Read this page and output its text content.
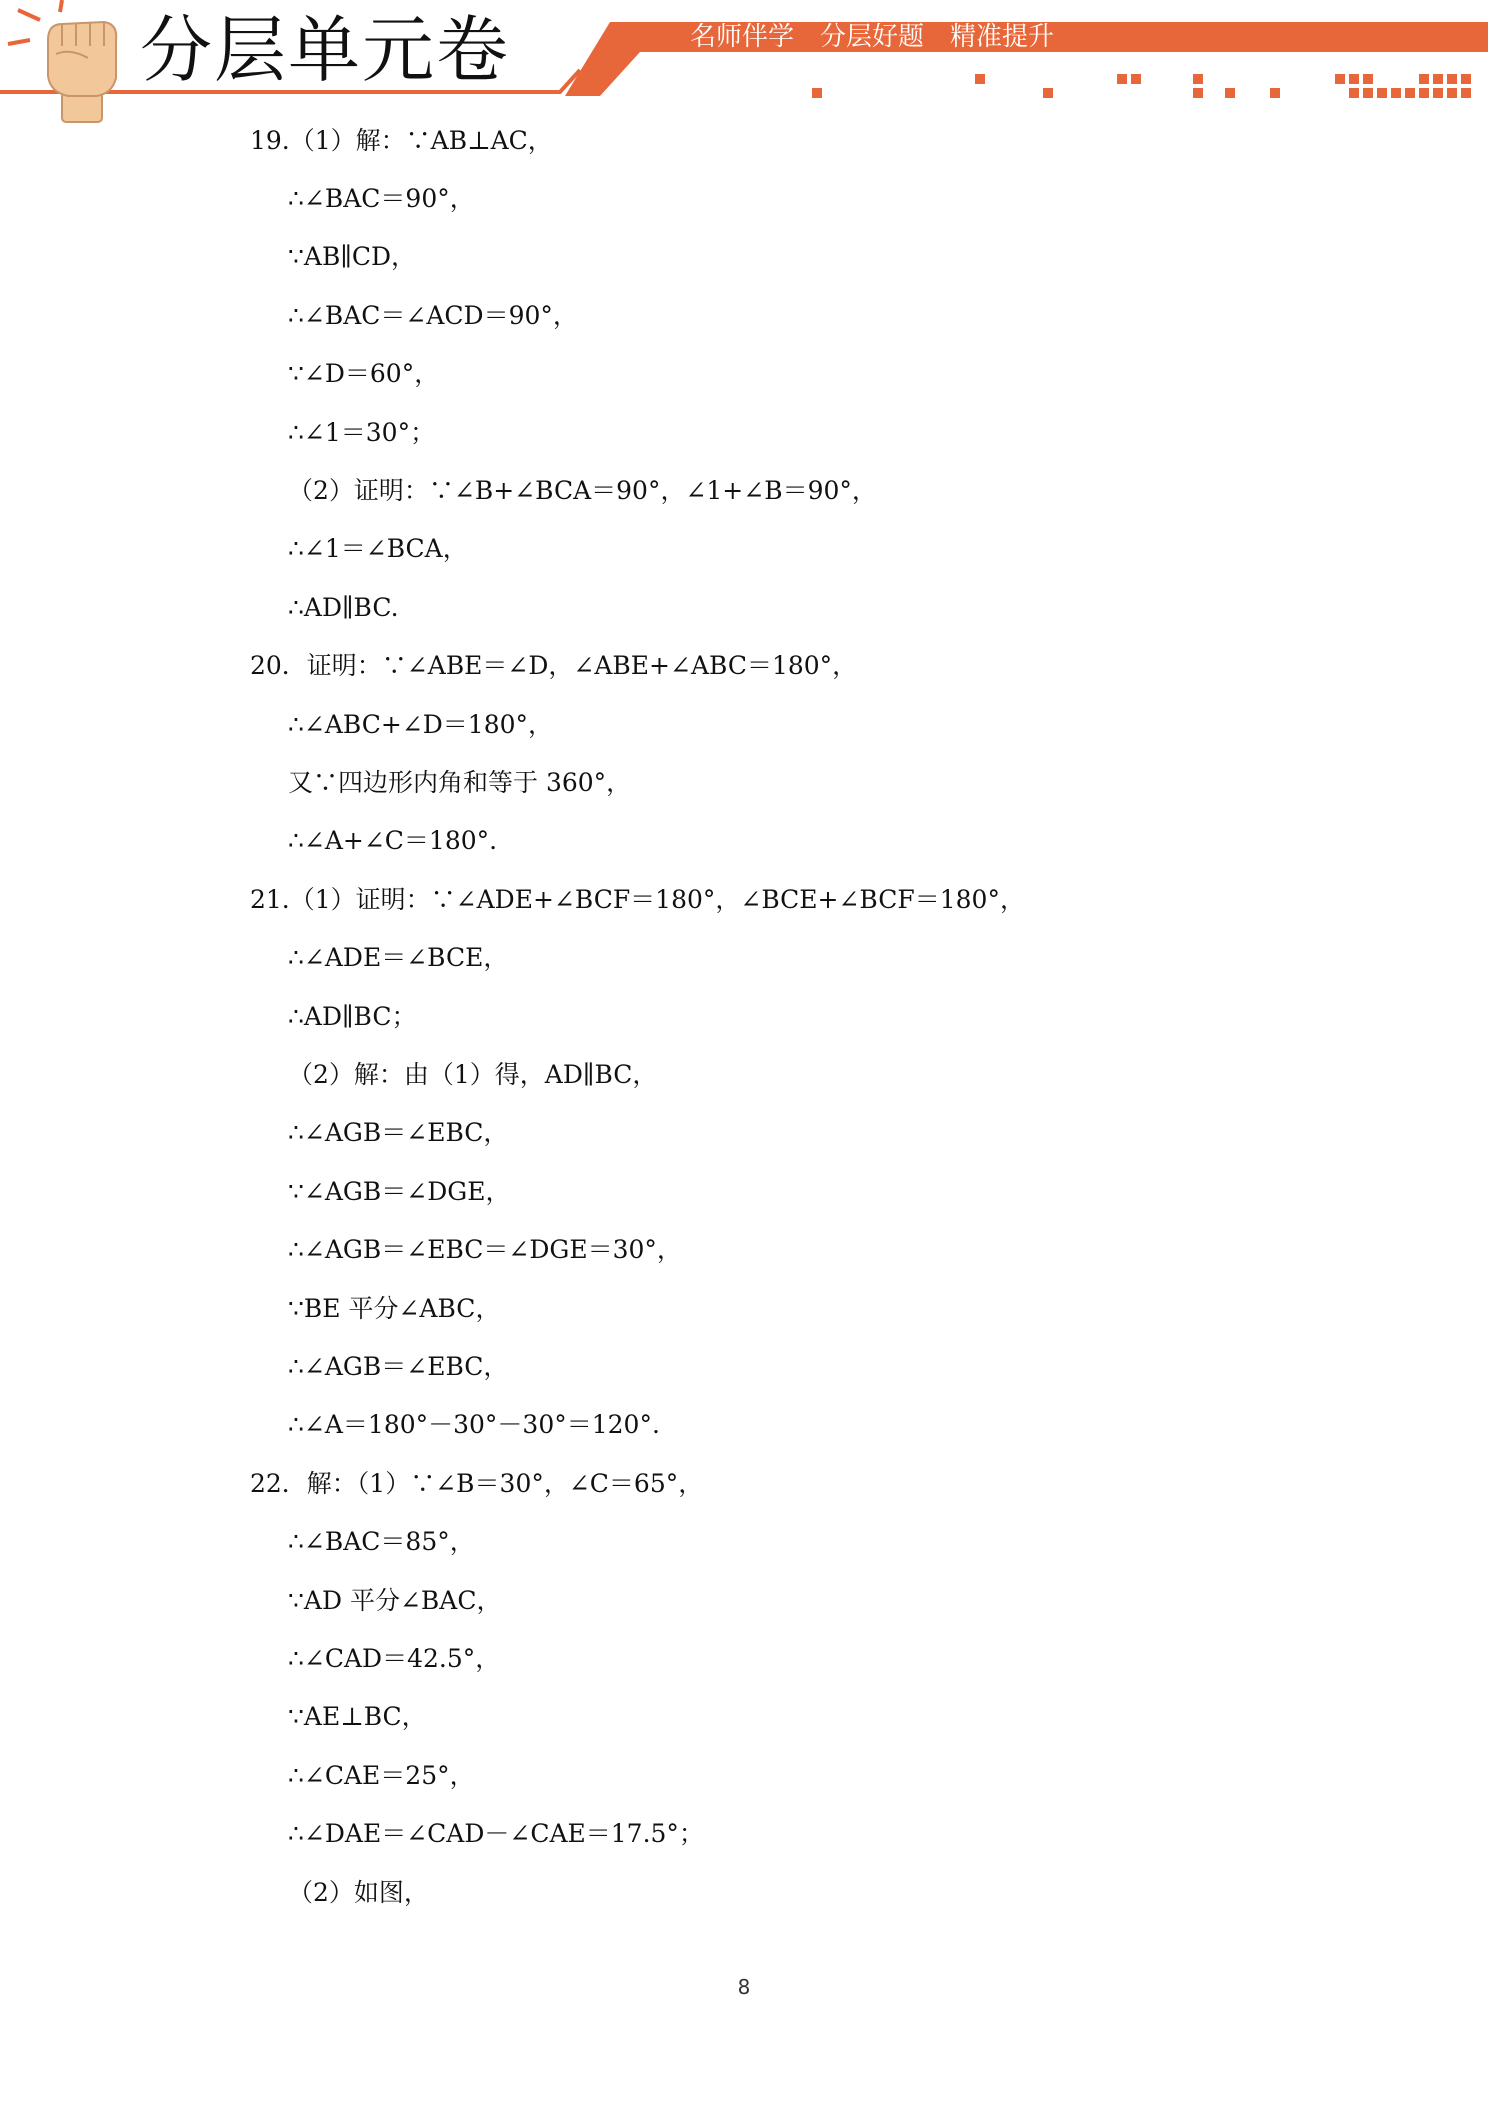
分层单元卷	名师伴学 分层好题 精准提升
19.（1）解：∵AB⊥AC，
∴∠BAC＝90°，
∵AB∥CD，
∴∠BAC＝∠ACD＝90°，
∵∠D＝60°，
∴∠1＝30°；
（2）证明：∵∠B+∠BCA＝90°，∠1+∠B＝90°，
∴∠1＝∠BCA，
∴AD∥BC.
20．证明：∵∠ABE＝∠D，∠ABE+∠ABC＝180°，
∴∠ABC+∠D＝180°，
又∵四边形内角和等于 360°，
∴∠A+∠C＝180°.
21.（1）证明：∵∠ADE+∠BCF＝180°，∠BCE+∠BCF＝180°，
∴∠ADE＝∠BCE，
∴AD∥BC；
（2）解：由（1）得，AD∥BC，
∴∠AGB＝∠EBC，
∵∠AGB＝∠DGE，
∴∠AGB＝∠EBC＝∠DGE＝30°，
∵BE 平分∠ABC，
∴∠AGB＝∠EBC，
∴∠A＝180°－30°－30°＝120°.
22．解：（1）∵∠B＝30°，∠C＝65°，
∴∠BAC＝85°，
∵AD 平分∠BAC，
∴∠CAD＝42.5°，
∵AE⊥BC，
∴∠CAE＝25°，
∴∠DAE＝∠CAD－∠CAE＝17.5°；
（2）如图，
8
